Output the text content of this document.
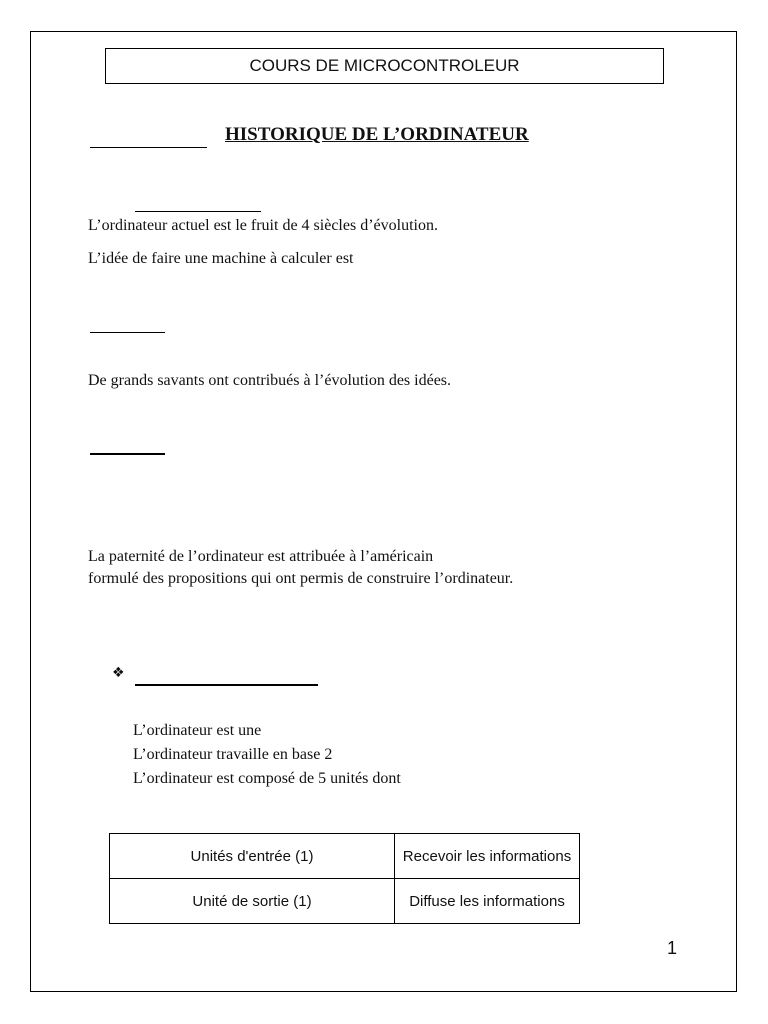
COURS DE MICROCONTROLEUR
HISTORIQUE DE L’ORDINATEUR
L’ordinateur actuel est le fruit de 4 siècles d’évolution.
L’idée de faire une machine à calculer est
De grands savants ont contribués à l’évolution des idées.
La paternité de l’ordinateur est attribuée à l’américain
formulé des propositions qui ont permis de construire l’ordinateur.
❖
L’ordinateur est une
L’ordinateur travaille en base 2
L’ordinateur est composé de 5 unités dont
Unités d'entrée (1)	Recevoir les informations
Unité de sortie (1)	Diffuse les informations
1
